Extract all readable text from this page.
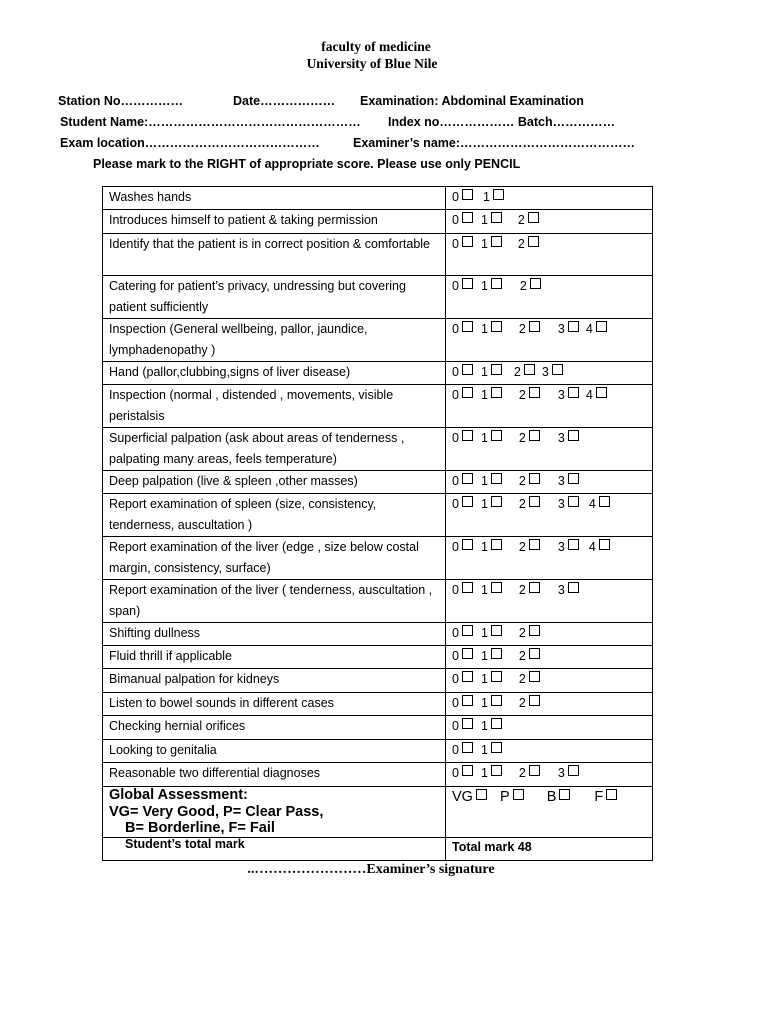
faculty of medicine
University of Blue Nile
Station No……………	Date……………… Examination: Abdominal Examination
Student Name:…………………………………………… Index no……………… Batch……………
Exam location……………………………………	Examiner’s name:……………………………………
Please mark to the RIGHT of appropriate score. Please use only PENCIL
Washes hands	0 1
Introduces himself to patient & taking permission	0 1 2
Identify that the patient is in correct position & comfortable	0 1 2
Catering for patient’s privacy, undressing but covering patient sufficiently	0 1 2
Inspection (General wellbeing, pallor, jaundice, lymphadenopathy )	0 1 2 3 4
Hand (pallor,clubbing,signs of liver disease)	0 1 2 3
Inspection (normal , distended , movements, visible peristalsis	0 1 2 3 4
Superficial palpation (ask about areas of tenderness , palpating many areas, feels temperature)	0 1 2 3
Deep palpation (live & spleen ,other masses)	0 1 2 3
Report examination of spleen (size, consistency, tenderness, auscultation )	0 1 2 3 4
Report examination of the liver (edge , size below costal margin, consistency, surface)	0 1 2 3 4
Report examination of the liver ( tenderness, auscultation , span)	0 1 2 3
Shifting dullness	0 1 2
Fluid thrill if applicable	0 1 2
Bimanual palpation for kidneys	0 1 2
Listen to bowel sounds in different cases	0 1 2
Checking hernial orifices	0 1
Looking to genitalia	0 1
Reasonable two differential diagnoses	0 1 2 3

Global Assessment:
VG= Very Good, P= Clear Pass,
B= Borderline, F= Fail	VG P B F
Student’s total mark	Total mark 48
..……………………Examiner’s signature
